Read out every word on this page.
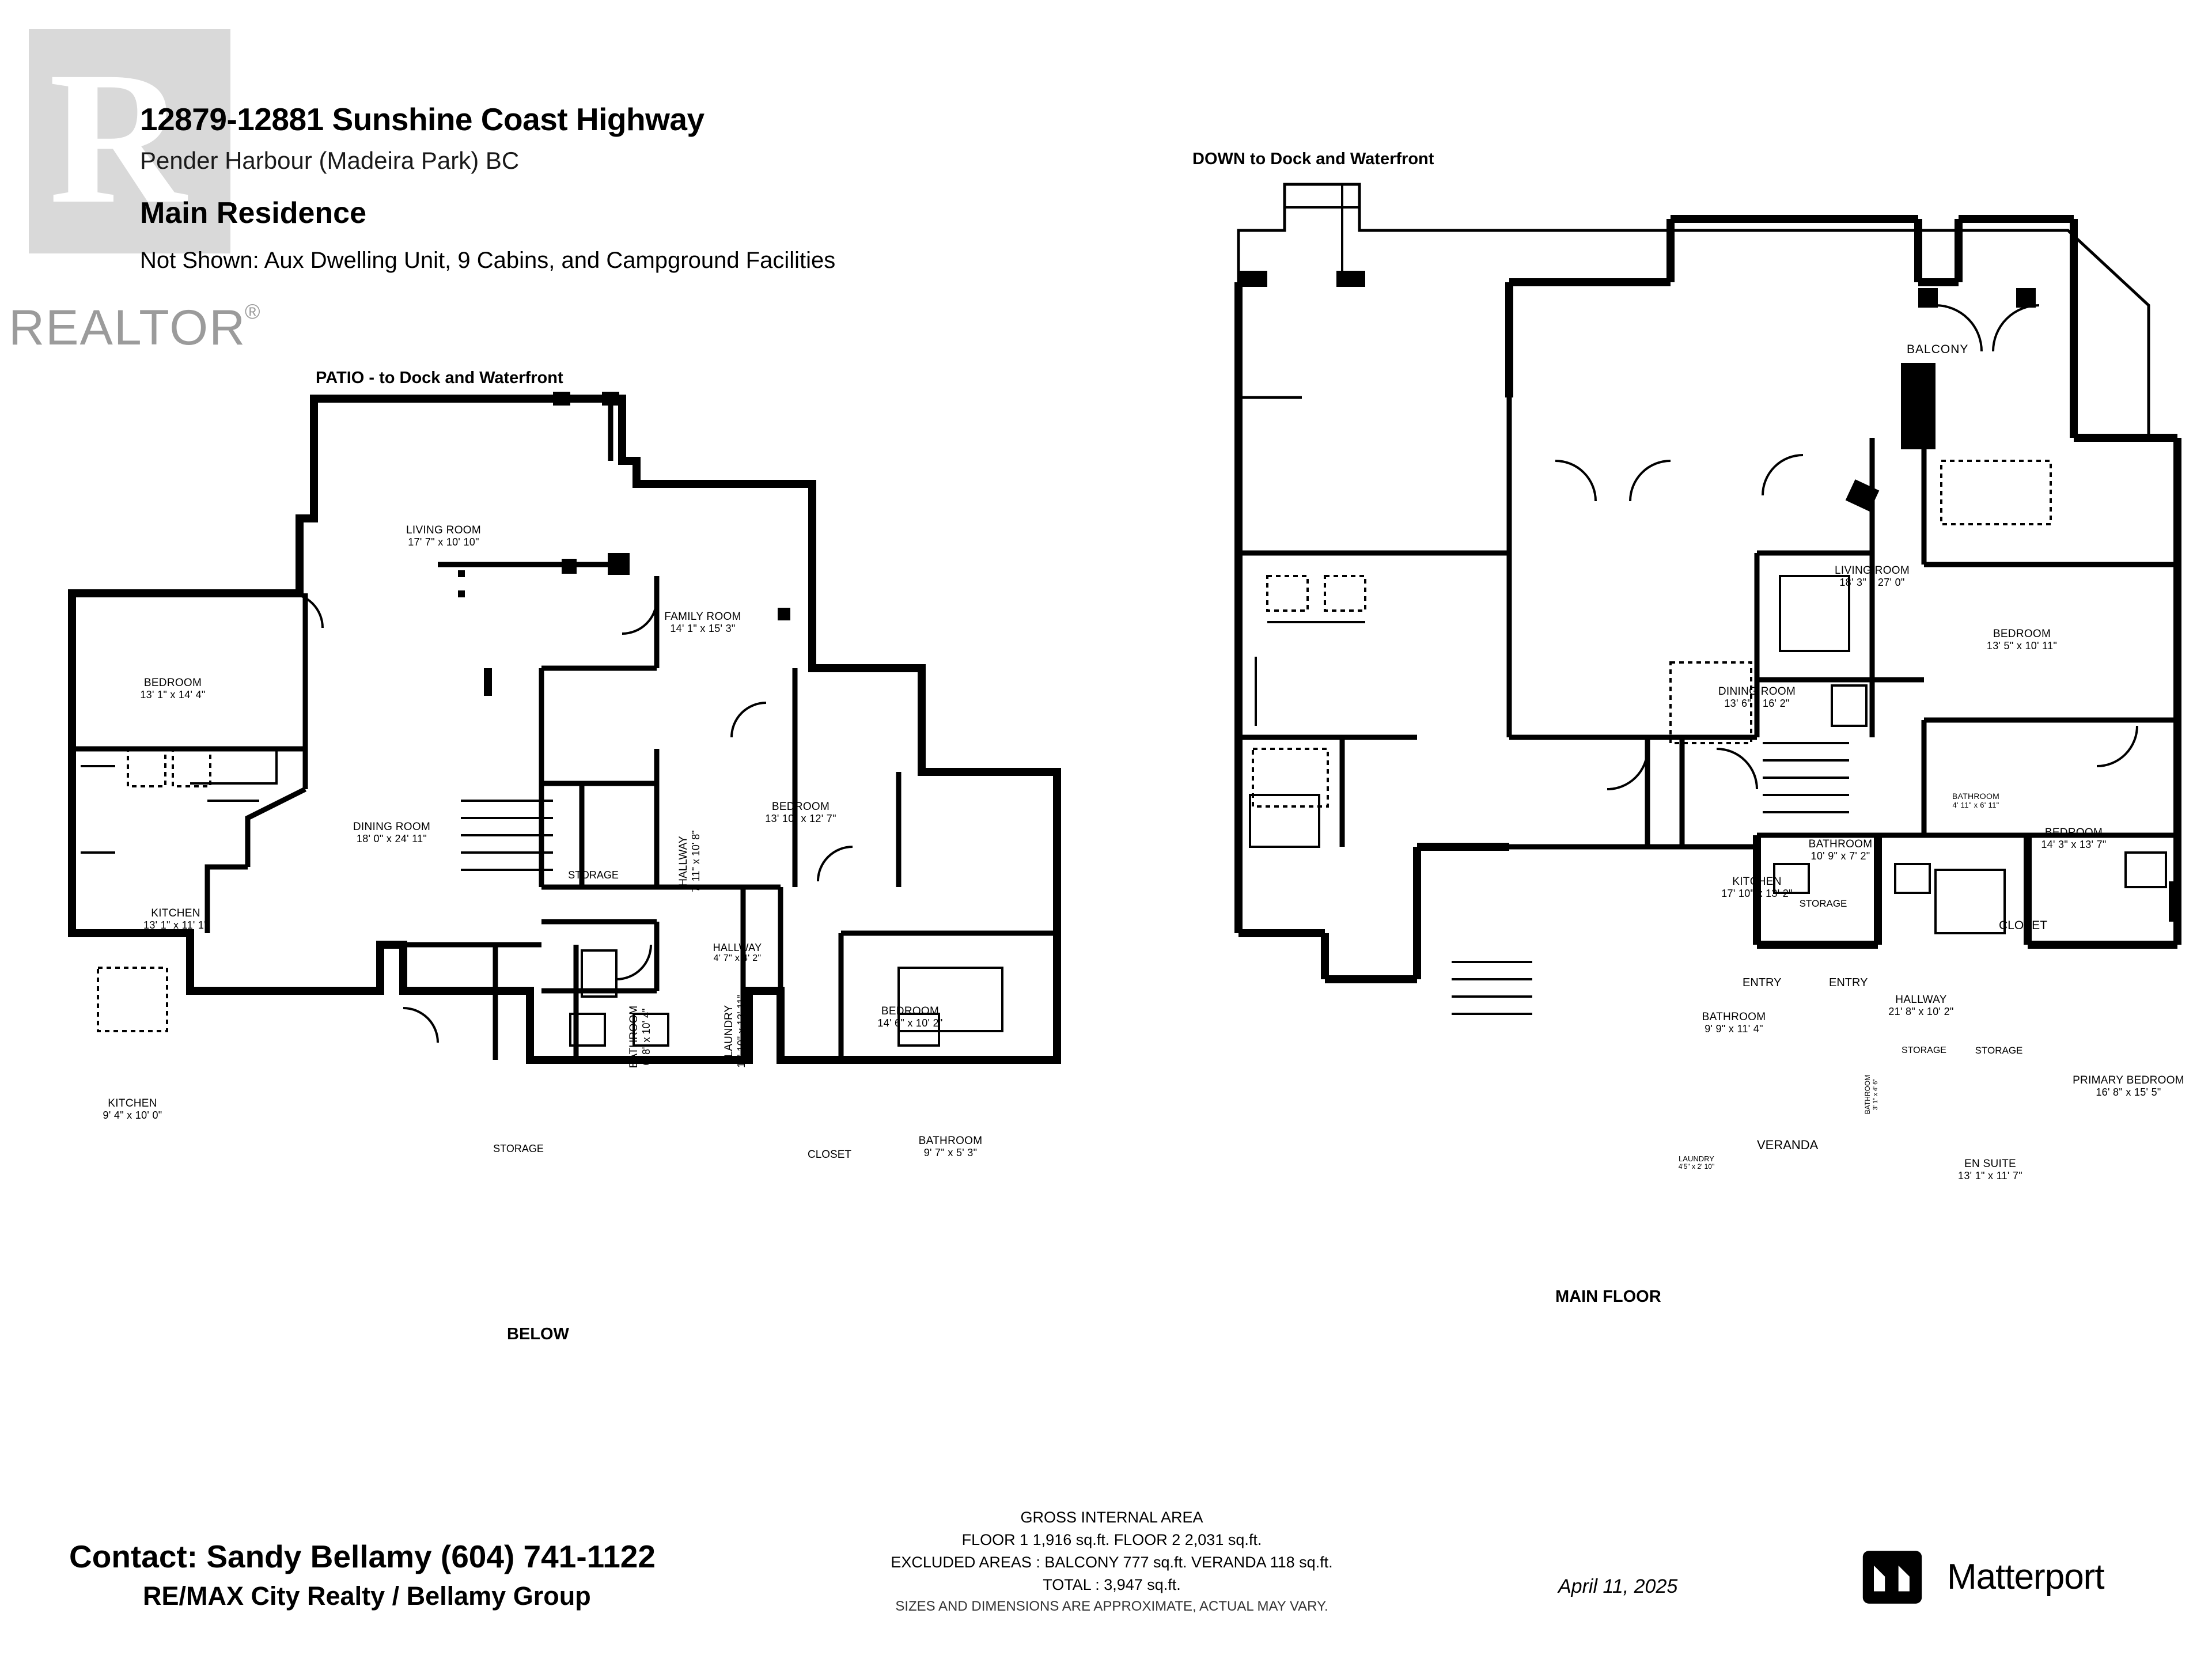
R
REALTOR
®
12879-12881 Sunshine Coast Highway
Pender Harbour (Madeira Park) BC
Main Residence
Not Shown: Aux Dwelling Unit, 9 Cabins, and Campground Facilities
PATIO - to Dock and Waterfront
LIVING ROOM
17' 7" x 10' 10"
FAMILY ROOM
14' 1" x 15' 3"
BEDROOM
13' 1" x 14' 4"
DINING ROOM
18' 0" x 24' 11"
BEDROOM
13' 10" x 12' 7"
KITCHEN
13' 1" x 11' 1"
STORAGE	HALLWAY
7' 11" x 10' 8"
HALLWAY
4' 7" x 4' 2"
BEDROOM
14' 6" x 10' 2"
KITCHEN
9' 4" x 10' 0"
STORAGE
BATHROOM
6' 8" x 10' 4"	LAUNDRY
12' 10" x 13' 11"
CLOSET
BATHROOM
9' 7" x 5' 3"
BELOW
DOWN to Dock and Waterfront
BALCONY
LIVING ROOM
18' 3" x 27' 0"
BEDROOM
13' 5" x 10' 11"
DINING ROOM
13' 6" x 16' 2"
BEDROOM
14' 3" x 13' 7"
BATHROOM
4' 11" x 6' 11"
BATHROOM
10' 9" x 7' 2"
STORAGE
KITCHEN
17' 10" x 13' 2"
CLOSET
ENTRY	ENTRY
HALLWAY
21' 8" x 10' 2"
BATHROOM
9' 9" x 11' 4"
STORAGE	STORAGE
PRIMARY BEDROOM
16' 8" x 15' 5"
LAUNDRY
4'5" x 2' 10"
VERANDA
BATHROOM
3' 1" x 4' 6"
EN SUITE
13' 1" x 11' 7"
MAIN FLOOR
Contact: Sandy Bellamy (604) 741-1122
RE/MAX City Realty / Bellamy Group
GROSS INTERNAL AREA
FLOOR 1 1,916 sq.ft. FLOOR 2 2,031 sq.ft.
EXCLUDED AREAS : BALCONY 777 sq.ft. VERANDA 118 sq.ft.
TOTAL : 3,947 sq.ft.
SIZES AND DIMENSIONS ARE APPROXIMATE, ACTUAL MAY VARY.
April 11, 2025	Matterport
